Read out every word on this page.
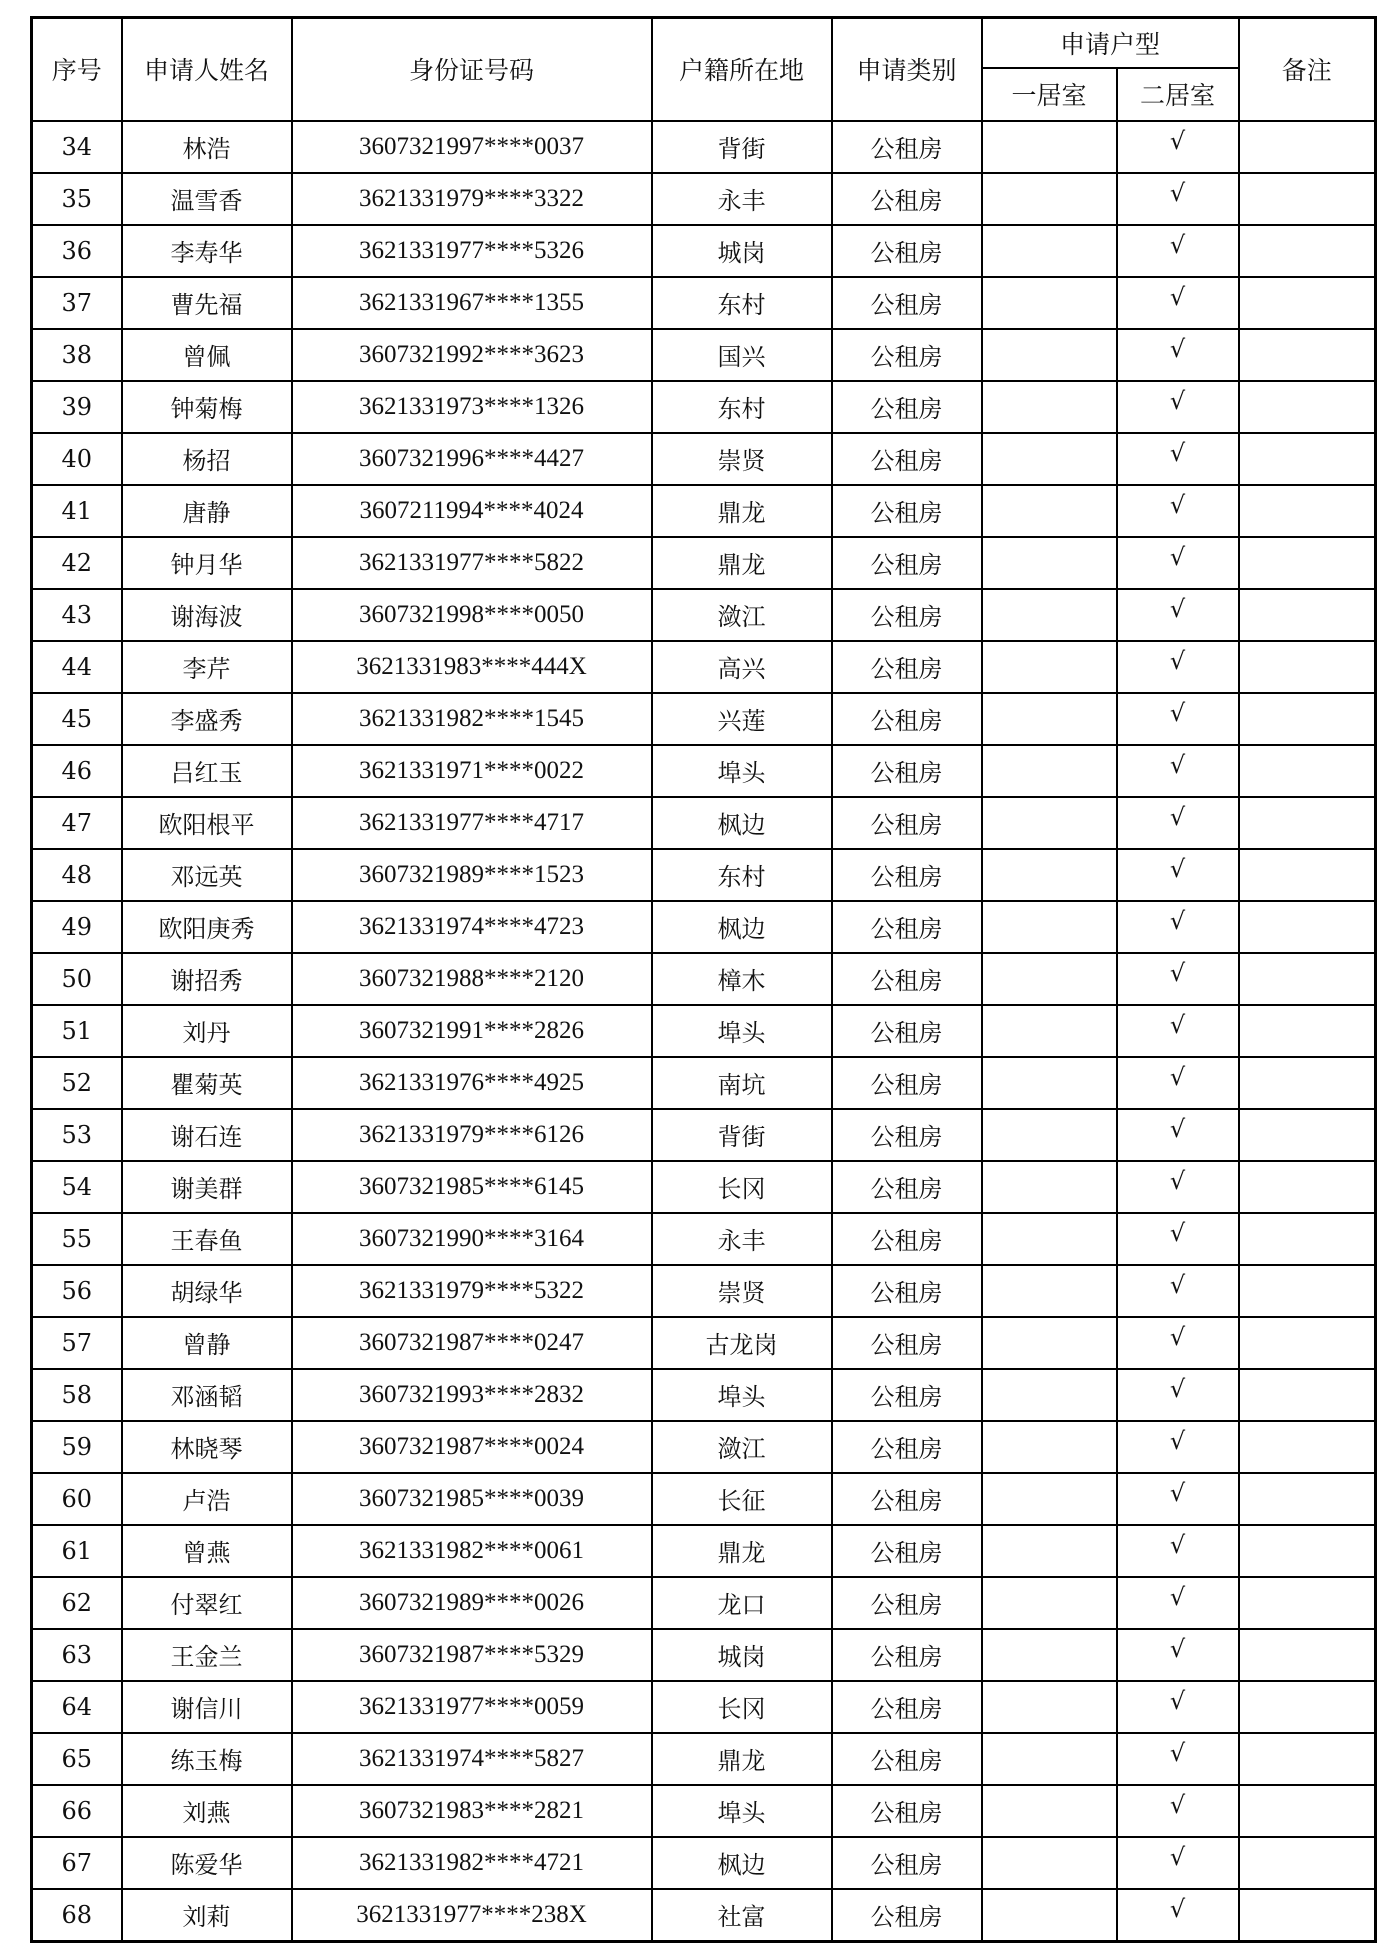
序号	申请人姓名	身份证号码	户籍所在地	申请类别	申请户型		备注
					一居室	二居室	
34	林浩	3607321997****0037	背街	公租房		√	
35	温雪香	3621331979****3322	永丰	公租房		√	
36	李寿华	3621331977****5326	城岗	公租房		√	
37	曹先福	3621331967****1355	东村	公租房		√	
38	曾佩	3607321992****3623	国兴	公租房		√	
39	钟菊梅	3621331973****1326	东村	公租房		√	
40	杨招	3607321996****4427	崇贤	公租房		√	
41	唐静	3607211994****4024	鼎龙	公租房		√	
42	钟月华	3621331977****5822	鼎龙	公租房		√	
43	谢海波	3607321998****0050	潋江	公租房		√	
44	李芹	3621331983****444X	高兴	公租房		√	
45	李盛秀	3621331982****1545	兴莲	公租房		√	
46	吕红玉	3621331971****0022	埠头	公租房		√	
47	欧阳根平	3621331977****4717	枫边	公租房		√	
48	邓远英	3607321989****1523	东村	公租房		√	
49	欧阳庚秀	3621331974****4723	枫边	公租房		√	
50	谢招秀	3607321988****2120	樟木	公租房		√	
51	刘丹	3607321991****2826	埠头	公租房		√	
52	瞿菊英	3621331976****4925	南坑	公租房		√	
53	谢石连	3621331979****6126	背街	公租房		√	
54	谢美群	3607321985****6145	长冈	公租房		√	
55	王春鱼	3607321990****3164	永丰	公租房		√	
56	胡绿华	3621331979****5322	崇贤	公租房		√	
57	曾静	3607321987****0247	古龙岗	公租房		√	
58	邓涵韬	3607321993****2832	埠头	公租房		√	
59	林晓琴	3607321987****0024	潋江	公租房		√	
60	卢浩	3607321985****0039	长征	公租房		√	
61	曾燕	3621331982****0061	鼎龙	公租房		√	
62	付翠红	3607321989****0026	龙口	公租房		√	
63	王金兰	3607321987****5329	城岗	公租房		√	
64	谢信川	3621331977****0059	长冈	公租房		√	
65	练玉梅	3621331974****5827	鼎龙	公租房		√	
66	刘燕	3607321983****2821	埠头	公租房		√	
67	陈爱华	3621331982****4721	枫边	公租房		√	
68	刘莉	3621331977****238X	社富	公租房		√	
